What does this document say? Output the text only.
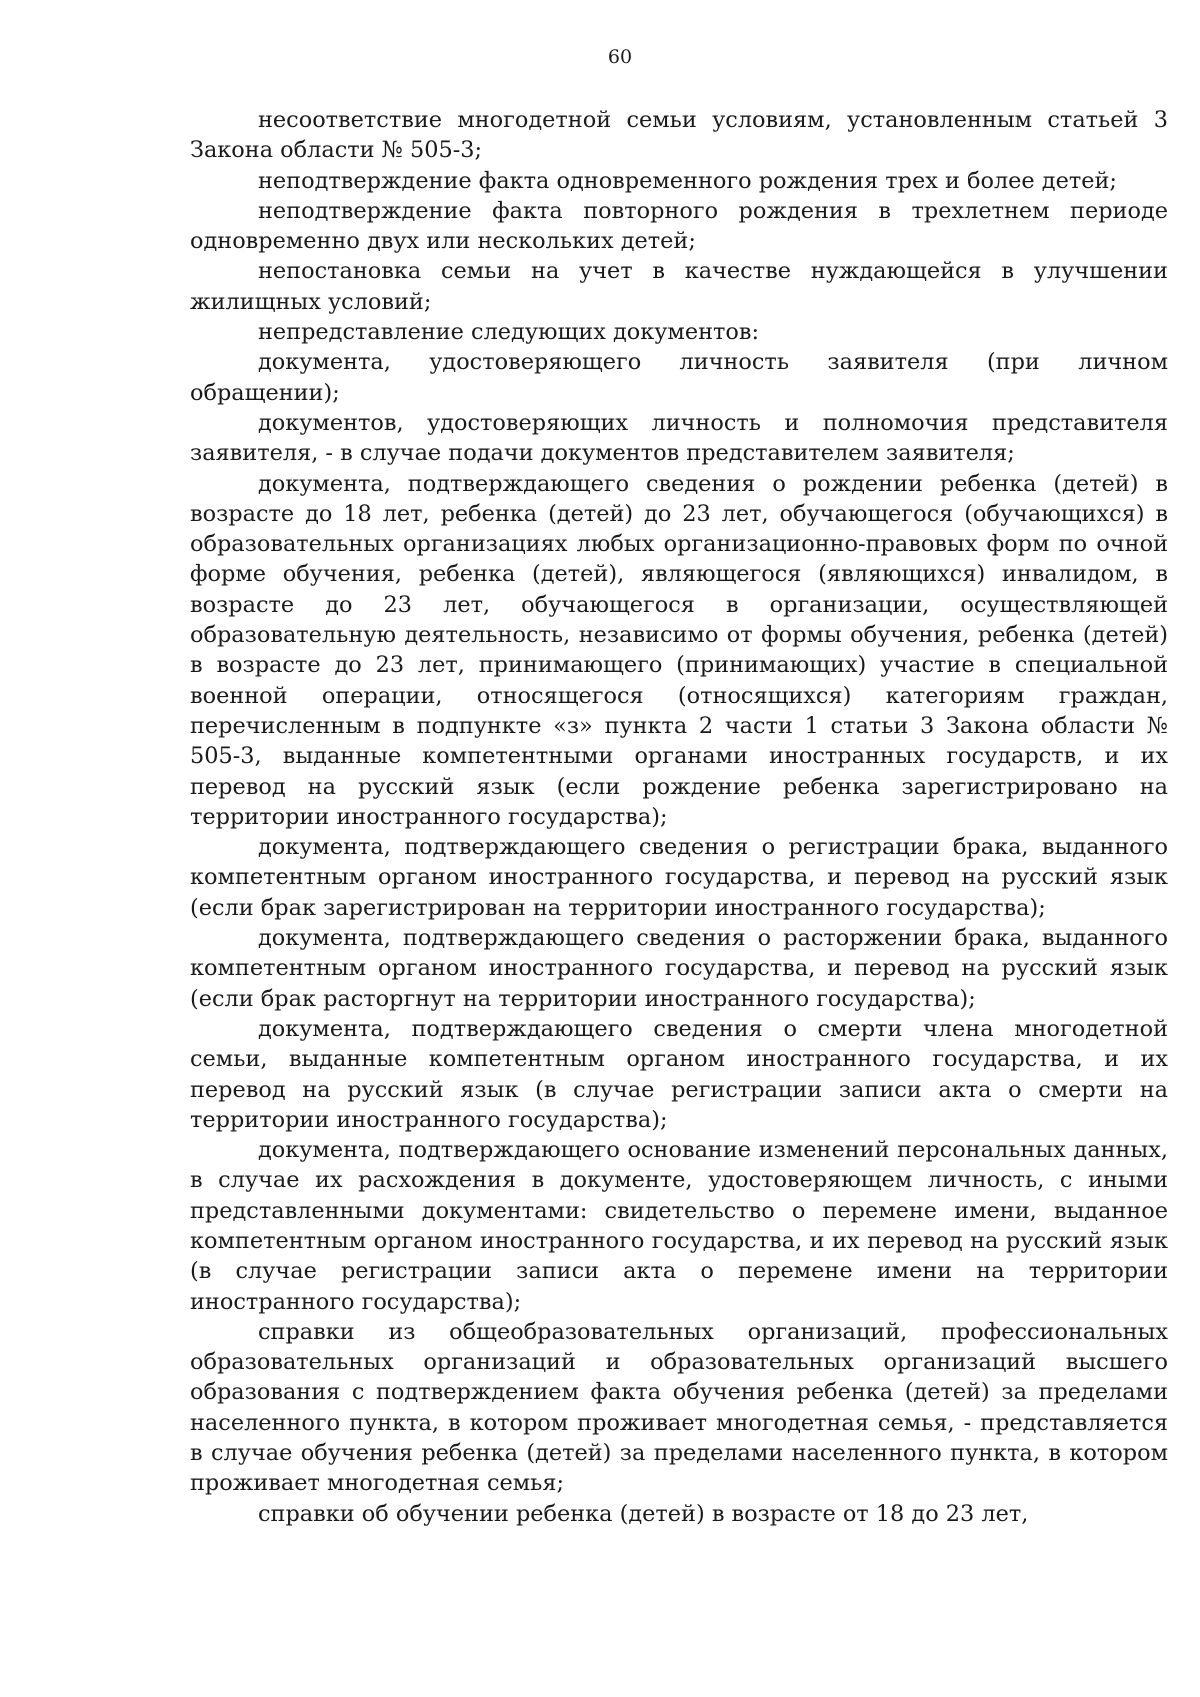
60

несоответствие многодетной семьи условиям, установленным статьей 3 Закона области № 505-3;

неподтверждение факта одновременного рождения трех и более детей;

неподтверждение факта повторного рождения в трехлетнем периоде одновременно двух или нескольких детей;

непостановка семьи на учет в качестве нуждающейся в улучшении жилищных условий;

непредставление следующих документов:

документа, удостоверяющего личность заявителя (при личном обращении);

документов, удостоверяющих личность и полномочия представителя заявителя, - в случае подачи документов представителем заявителя;

документа, подтверждающего сведения о рождении ребенка (детей) в возрасте до 18 лет, ребенка (детей) до 23 лет, обучающегося (обучающихся) в образовательных организациях любых организационно-правовых форм по очной форме обучения, ребенка (детей), являющегося (являющихся) инвалидом, в возрасте до 23 лет, обучающегося в организации, осуществляющей образовательную деятельность, независимо от формы обучения, ребенка (детей) в возрасте до 23 лет, принимающего (принимающих) участие в специальной военной операции, относящегося (относящихся) категориям граждан, перечисленным в подпункте «з» пункта 2 части 1 статьи 3 Закона области № 505-3, выданные компетентными органами иностранных государств, и их перевод на русский язык (если рождение ребенка зарегистрировано на территории иностранного государства);

документа, подтверждающего сведения о регистрации брака, выданного компетентным органом иностранного государства, и перевод на русский язык (если брак зарегистрирован на территории иностранного государства);

документа, подтверждающего сведения о расторжении брака, выданного компетентным органом иностранного государства, и перевод на русский язык (если брак расторгнут на территории иностранного государства);

документа, подтверждающего сведения о смерти члена многодетной семьи, выданные компетентным органом иностранного государства, и их перевод на русский язык (в случае регистрации записи акта о смерти на территории иностранного государства);

документа, подтверждающего основание изменений персональных данных, в случае их расхождения в документе, удостоверяющем личность, с иными представленными документами: свидетельство о перемене имени, выданное компетентным органом иностранного государства, и их перевод на русский язык (в случае регистрации записи акта о перемене имени на территории иностранного государства);

справки из общеобразовательных организаций, профессиональных образовательных организаций и образовательных организаций высшего образования с подтверждением факта обучения ребенка (детей) за пределами населенного пункта, в котором проживает многодетная семья, - представляется в случае обучения ребенка (детей) за пределами населенного пункта, в котором проживает многодетная семья;

справки об обучении ребенка (детей) в возрасте от 18 до 23 лет,
